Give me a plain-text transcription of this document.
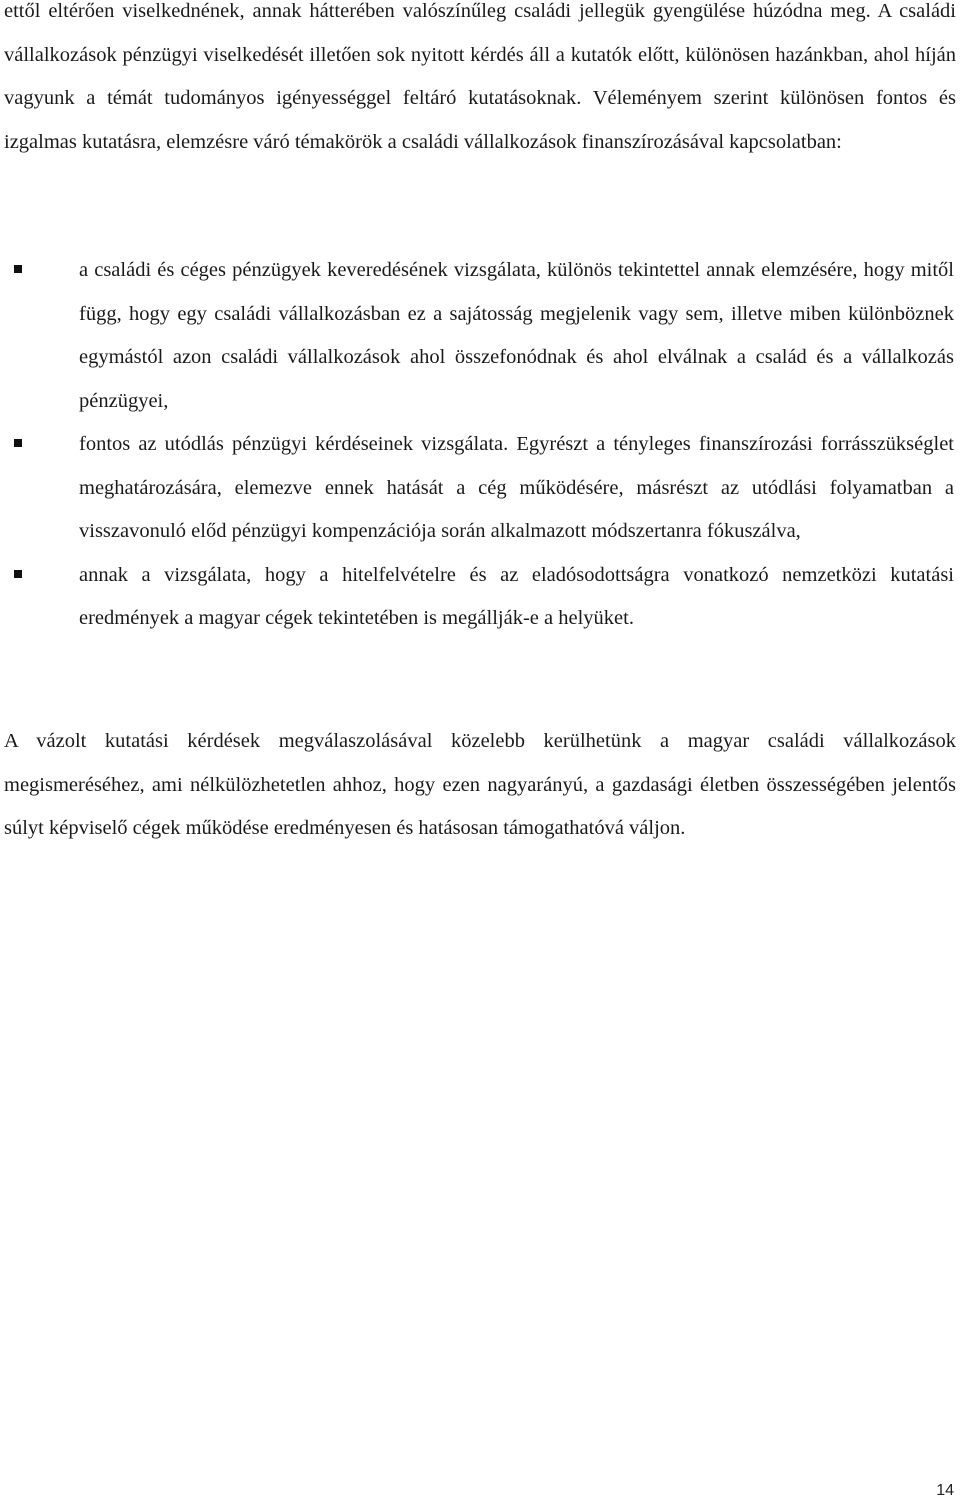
ettől eltérően viselkednének, annak hátterében valószínűleg családi jellegük gyengülése húzódna meg. A családi vállalkozások pénzügyi viselkedését illetően sok nyitott kérdés áll a kutatók előtt, különösen hazánkban, ahol híján vagyunk a témát tudományos igényességgel feltáró kutatásoknak. Véleményem szerint különösen fontos és izgalmas kutatásra, elemzésre váró témakörök a családi vállalkozások finanszírozásával kapcsolatban:

a családi és céges pénzügyek keveredésének vizsgálata, különös tekintettel annak elemzésére, hogy mitől függ, hogy egy családi vállalkozásban ez a sajátosság megjelenik vagy sem, illetve miben különböznek egymástól azon családi vállalkozások ahol összefonódnak és ahol elválnak a család és a vállalkozás pénzügyei,
fontos az utódlás pénzügyi kérdéseinek vizsgálata. Egyrészt a tényleges finanszírozási forrásszükséglet meghatározására, elemezve ennek hatását a cég működésére, másrészt az utódlási folyamatban a visszavonuló előd pénzügyi kompenzációja során alkalmazott módszertanra fókuszálva,
annak a vizsgálata, hogy a hitelfelvételre és az eladósodottságra vonatkozó nemzetközi kutatási eredmények a magyar cégek tekintetében is megállják-e a helyüket.

A vázolt kutatási kérdések megválaszolásával közelebb kerülhetünk a magyar családi vállalkozások megismeréséhez, ami nélkülözhetetlen ahhoz, hogy ezen nagyarányú, a gazdasági életben összességében jelentős súlyt képviselő cégek működése eredményesen és hatásosan támogathatóvá váljon.

14
